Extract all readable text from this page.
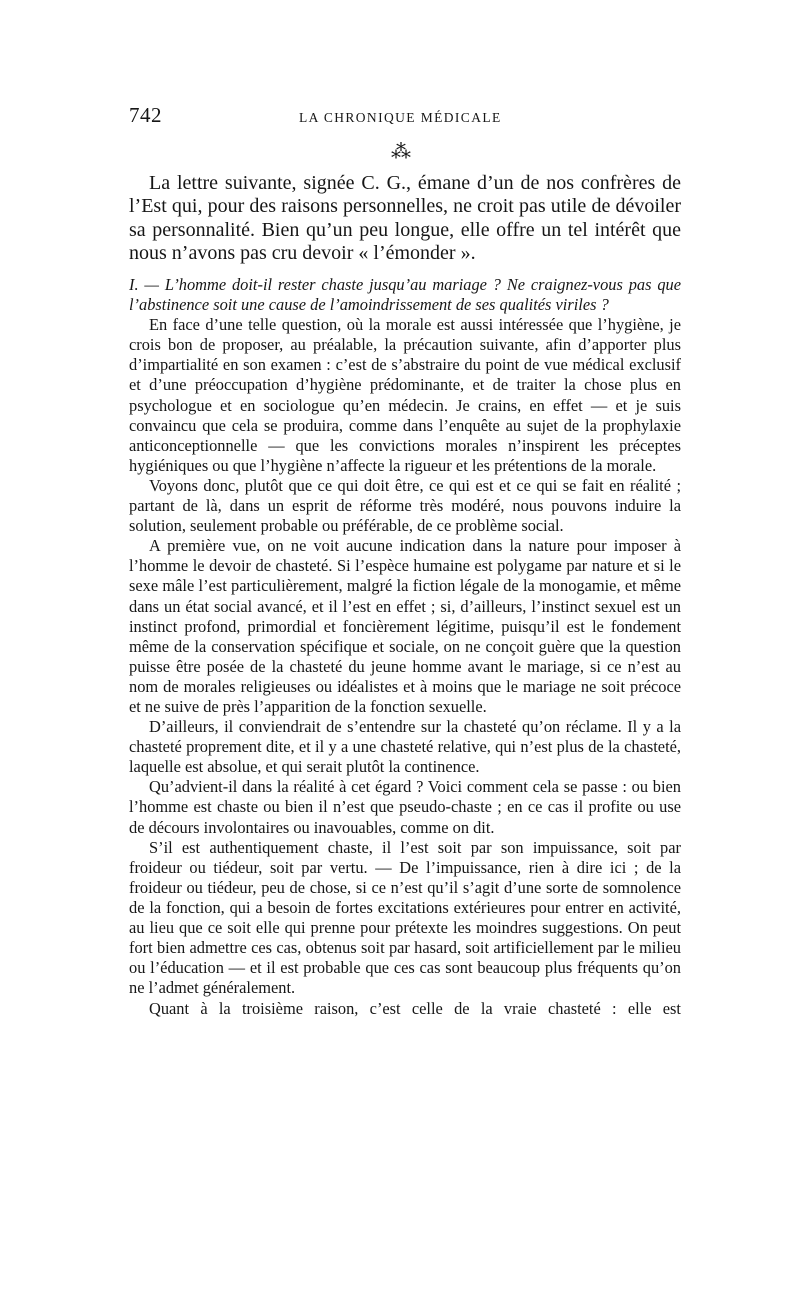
742	LA CHRONIQUE MÉDICALE
⁂

La lettre suivante, signée C. G., émane d’un de nos confrères de l’Est qui, pour des raisons personnelles, ne croit pas utile de dévoiler sa personnalité. Bien qu’un peu longue, elle offre un tel intérêt que nous n’avons pas cru devoir « l’émonder ».

I. — L’homme doit-il rester chaste jusqu’au mariage ? Ne craignez-vous pas que l’abstinence soit une cause de l’amoindrissement de ses qualités viriles ?

En face d’une telle question, où la morale est aussi intéressée que l’hygiène, je crois bon de proposer, au préalable, la précaution suivante, afin d’apporter plus d’impartialité en son examen : c’est de s’abstraire du point de vue médical exclusif et d’une préoccupation d’hygiène prédominante, et de traiter la chose plus en psychologue et en sociologue qu’en médecin. Je crains, en effet — et je suis convaincu que cela se produira, comme dans l’enquête au sujet de la prophylaxie anticonceptionnelle — que les convictions morales n’inspirent les préceptes hygiéniques ou que l’hygiène n’affecte la rigueur et les prétentions de la morale.

Voyons donc, plutôt que ce qui doit être, ce qui est et ce qui se fait en réalité ; partant de là, dans un esprit de réforme très modéré, nous pouvons induire la solution, seulement probable ou préférable, de ce problème social.

A première vue, on ne voit aucune indication dans la nature pour imposer à l’homme le devoir de chasteté. Si l’espèce humaine est polygame par nature et si le sexe mâle l’est particulièrement, malgré la fiction légale de la monogamie, et même dans un état social avancé, et il l’est en effet ; si, d’ailleurs, l’instinct sexuel est un instinct profond, primordial et foncièrement légitime, puisqu’il est le fondement même de la conservation spécifique et sociale, on ne conçoit guère que la question puisse être posée de la chasteté du jeune homme avant le mariage, si ce n’est au nom de morales religieuses ou idéalistes et à moins que le mariage ne soit précoce et ne suive de près l’apparition de la fonction sexuelle.

D’ailleurs, il conviendrait de s’entendre sur la chasteté qu’on réclame. Il y a la chasteté proprement dite, et il y a une chasteté relative, qui n’est plus de la chasteté, laquelle est absolue, et qui serait plutôt la continence.

Qu’advient-il dans la réalité à cet égard ? Voici comment cela se passe : ou bien l’homme est chaste ou bien il n’est que pseudo-chaste ; en ce cas il profite ou use de décours involontaires ou inavouables, comme on dit.

S’il est authentiquement chaste, il l’est soit par son impuissance, soit par froideur ou tiédeur, soit par vertu. — De l’impuissance, rien à dire ici ; de la froideur ou tiédeur, peu de chose, si ce n’est qu’il s’agit d’une sorte de somnolence de la fonction, qui a besoin de fortes excitations extérieures pour entrer en activité, au lieu que ce soit elle qui prenne pour prétexte les moindres suggestions. On peut fort bien admettre ces cas, obtenus soit par hasard, soit artificiellement par le milieu ou l’éducation — et il est probable que ces cas sont beaucoup plus fréquents qu’on ne l’admet généralement.

Quant à la troisième raison, c’est celle de la vraie chasteté : elle est
